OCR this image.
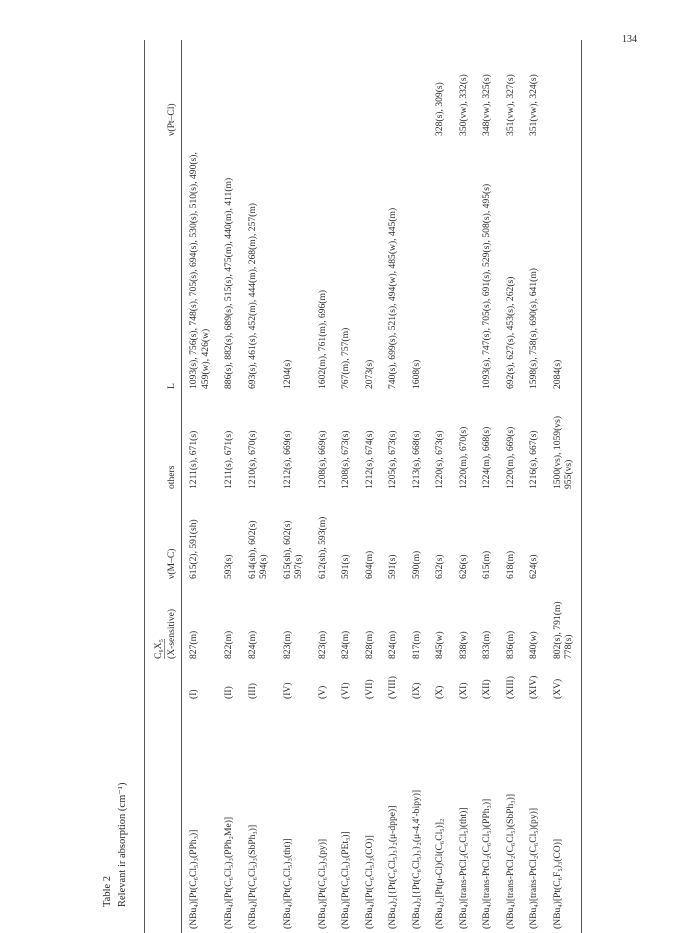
134
Table 2 Relevant ir absorption (cm⁻¹)
		C₆X₅				
		(X-sensitive)	ν(M–C)	others	L	ν(Pt–Cl)
(NBu₄)[Pt(C₆Cl₅)₃(PPh₃)]	(I)	827(m)	615(2), 591(sh)	1211(s), 671(s)	1093(s), 756(s), 748(s), 705(s), 694(s), 530(s), 510(s), 490(s), 459(w), 426(w)	
(NBu₄)[Pt(C₆Cl₅)₃(PPh₂Me)]	(II)	822(m)	593(s)	1211(s), 671(s)	886(s), 882(s), 689(s), 515(s), 475(m), 440(m), 411(m)	
(NBu₄)[Pt(C₆Cl₅)₃(SbPh₃)]	(III)	824(m)	614(sh), 602(s) 594(s)	1210(s), 670(s)	693(s), 461(s), 452(m), 444(m), 268(m), 257(m)	
(NBu₄)[Pt(C₆Cl₅)₃(tht)]	(IV)	823(m)	615(sh), 602(s) 597(s)	1212(s), 669(s)	1204(s)	
(NBu₄)[Pt(C₆Cl₅)₃(py)]	(V)	823(m)	612(sh), 593(m)	1208(s), 669(s)	1602(m), 761(m), 696(m)	
(NBu₄)[Pt(C₆Cl₅)₃(PEt₃)]	(VI)	824(m)	591(s)	1208(s), 673(s)	767(m), 757(m)	
(NBu₄)[Pt(C₆Cl₅)₃(CO)]	(VII)	828(m)	604(m)	1212(s), 674(s)	2073(s)	
(NBu₄)₂[{Pt(C₆Cl₅)₃}₂(μ-dppe)]	(VIII)	824(m)	591(s)	1205(s), 673(s)	740(s), 699(s), 521(s), 494(w), 485(w), 445(m)	
(NBu₄)₂[{Pt(C₆Cl₅)₃}₂(μ-4,4′-bipy)]	(IX)	817(m)	590(m)	1213(s), 668(s)	1608(s)	
(NBu₄)₂[Pt(μ-Cl)Cl(C₆Cl₅)]₂	(X)	845(w)	632(s)	1220(s), 673(s)		328(s), 309(s)
(NBu₄)[trans-PtCl₂(C₆Cl₅)(tht)]	(XI)	838(w)	626(s)	1220(m), 670(s)		350(vw), 332(s)
(NBu₄)[trans-PtCl₂(C₆Cl₅)(PPh₃)]	(XII)	833(m)	615(m)	1224(m), 668(s)	1093(s), 747(s), 705(s), 691(s), 529(s), 508(s), 495(s)	348(vw), 325(s)
(NBu₄)[trans-PtCl₂(C₆Cl₅)(SbPh₃)]	(XIII)	836(m)	618(m)	1220(m), 669(s)	692(s), 627(s), 453(s), 262(s)	351(vw), 327(s)
(NBu₄)[trans-PtCl₂(C₆Cl₅)(py)]	(XIV)	840(w)	624(s)	1216(s), 667(s)	1598(s), 758(s), 690(s), 641(m)	351(vw), 324(s)
(NBu₄)[Pt(C₆F₅)₃(CO)]	(XV)	802(s), 791(m) 778(s)		1500(vs), 1059(vs) 955(vs)	2084(s)	
